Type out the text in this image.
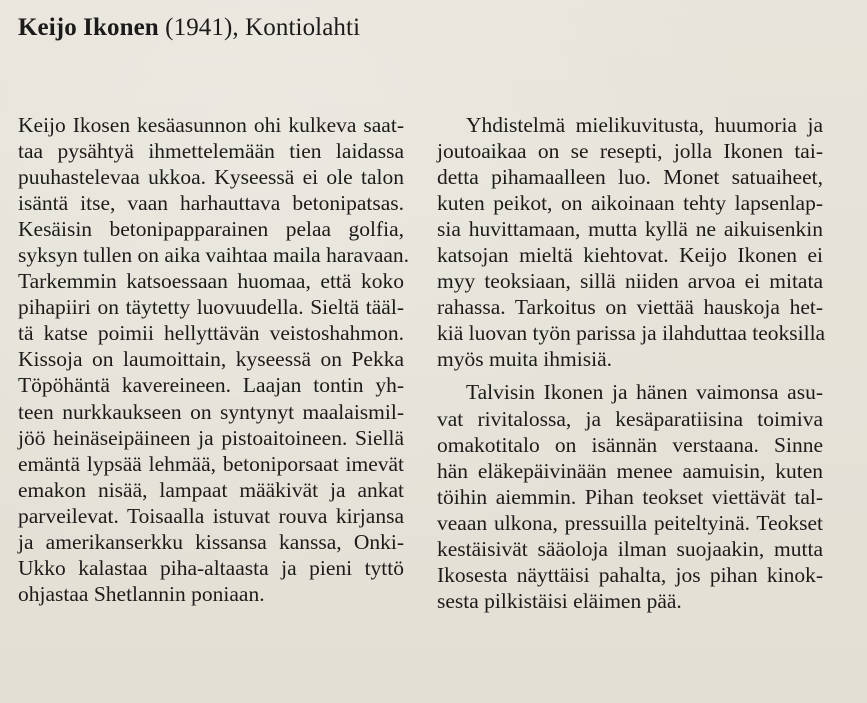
Keijo Ikonen (1941), Kontiolahti

Keijo Ikosen kesäasunnon ohi kulkeva saat-
taa pysähtyä ihmettelemään tien laidassa
puuhastelevaa ukkoa. Kyseessä ei ole talon
isäntä itse, vaan harhauttava betonipatsas.
Kesäisin betonipapparainen pelaa golfia,
syksyn tullen on aika vaihtaa maila haravaan.
Tarkemmin katsoessaan huomaa, että koko
pihapiiri on täytetty luovuudella. Sieltä tääl-
tä katse poimii hellyttävän veistoshahmon.
Kissoja on laumoittain, kyseessä on Pekka
Töpöhäntä kavereineen. Laajan tontin yh-
teen nurkkaukseen on syntynyt maalaismil-
jöö heinäseipäineen ja pistoaitoineen. Siellä
emäntä lypsää lehmää, betoniporsaat imevät
emakon nisää, lampaat määkivät ja ankat
parveilevat. Toisaalla istuvat rouva kirjansa
ja amerikanserkku kissansa kanssa, Onki-
Ukko kalastaa piha-altaasta ja pieni tyttö
ohjastaa Shetlannin poniaan.

Yhdistelmä mielikuvitusta, huumoria ja
joutoaikaa on se resepti, jolla Ikonen tai-
detta pihamaalleen luo. Monet satuaiheet,
kuten peikot, on aikoinaan tehty lapsenlap-
sia huvittamaan, mutta kyllä ne aikuisenkin
katsojan mieltä kiehtovat. Keijo Ikonen ei
myy teoksiaan, sillä niiden arvoa ei mitata
rahassa. Tarkoitus on viettää hauskoja het-
kiä luovan työn parissa ja ilahduttaa teoksilla
myös muita ihmisiä.

Talvisin Ikonen ja hänen vaimonsa asu-
vat rivitalossa, ja kesäparatiisina toimiva
omakotitalo on isännän verstaana. Sinne
hän eläkepäivinään menee aamuisin, kuten
töihin aiemmin. Pihan teokset viettävät tal-
veaan ulkona, pressuilla peiteltyinä. Teokset
kestäisivät sääoloja ilman suojaakin, mutta
Ikosesta näyttäisi pahalta, jos pihan kinok-
sesta pilkistäisi eläimen pää.
